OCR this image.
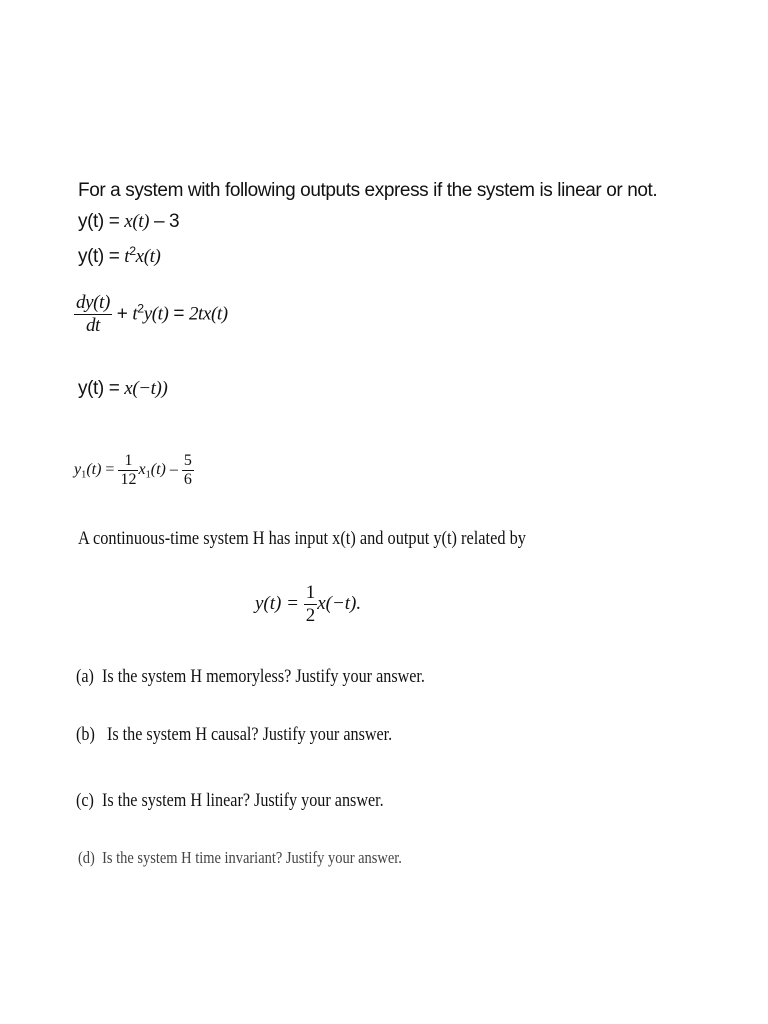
For a system with following outputs express if the system is linear or not.
y(t) = x(t) – 3
$y(t) = t^2x(t)$
$\frac{dy(t)}{dt} + t^2y(t) = 2tx(t)$
y(t) = x(−t))
$y_1(t) = \frac{1}{12} x_1(t) - \frac{5}{6}$
A continuous-time system H has input x(t) and output y(t) related by
$y(t) = \frac{1}{2} x(-t)$.
(a) Is the system H memoryless? Justify your answer.
(b) Is the system H causal? Justify your answer.
(c) Is the system H linear? Justify your answer.
(d) Is the system H time invariant? Justify your answer.
